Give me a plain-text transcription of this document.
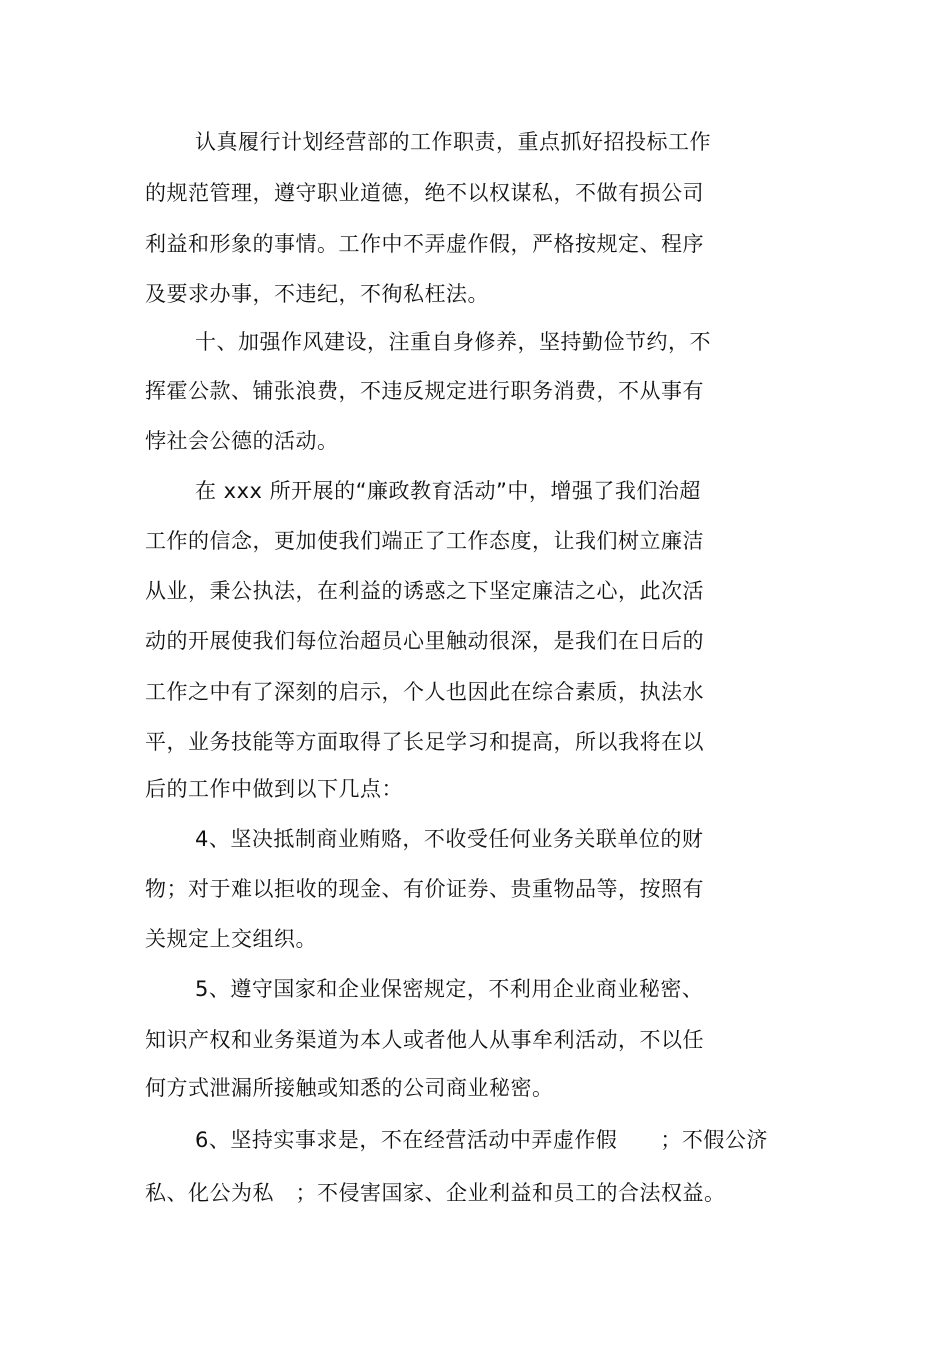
认真履行计划经营部的工作职责，重点抓好招投标工作
的规范管理，遵守职业道德，绝不以权谋私，不做有损公司
利益和形象的事情。工作中不弄虚作假，严格按规定、程序
及要求办事，不违纪，不徇私枉法。
十、加强作风建设，注重自身修养，坚持勤俭节约，不
挥霍公款、铺张浪费，不违反规定进行职务消费，不从事有
悖社会公德的活动。
在 xxx 所开展的“廉政教育活动”中，增强了我们治超
工作的信念，更加使我们端正了工作态度，让我们树立廉洁
从业，秉公执法，在利益的诱惑之下坚定廉洁之心，此次活
动的开展使我们每位治超员心里触动很深，是我们在日后的
工作之中有了深刻的启示，个人也因此在综合素质，执法水
平，业务技能等方面取得了长足学习和提高，所以我将在以
后的工作中做到以下几点：
4、坚决抵制商业贿赂，不收受任何业务关联单位的财
物；对于难以拒收的现金、有价证券、贵重物品等，按照有
关规定上交组织。
5、遵守国家和企业保密规定，不利用企业商业秘密、
知识产权和业务渠道为本人或者他人从事牟利活动，不以任
何方式泄漏所接触或知悉的公司商业秘密。
6、坚持实事求是，不在经营活动中弄虚作假　　；不假公济
私、化公为私　；不侵害国家、企业利益和员工的合法权益。
